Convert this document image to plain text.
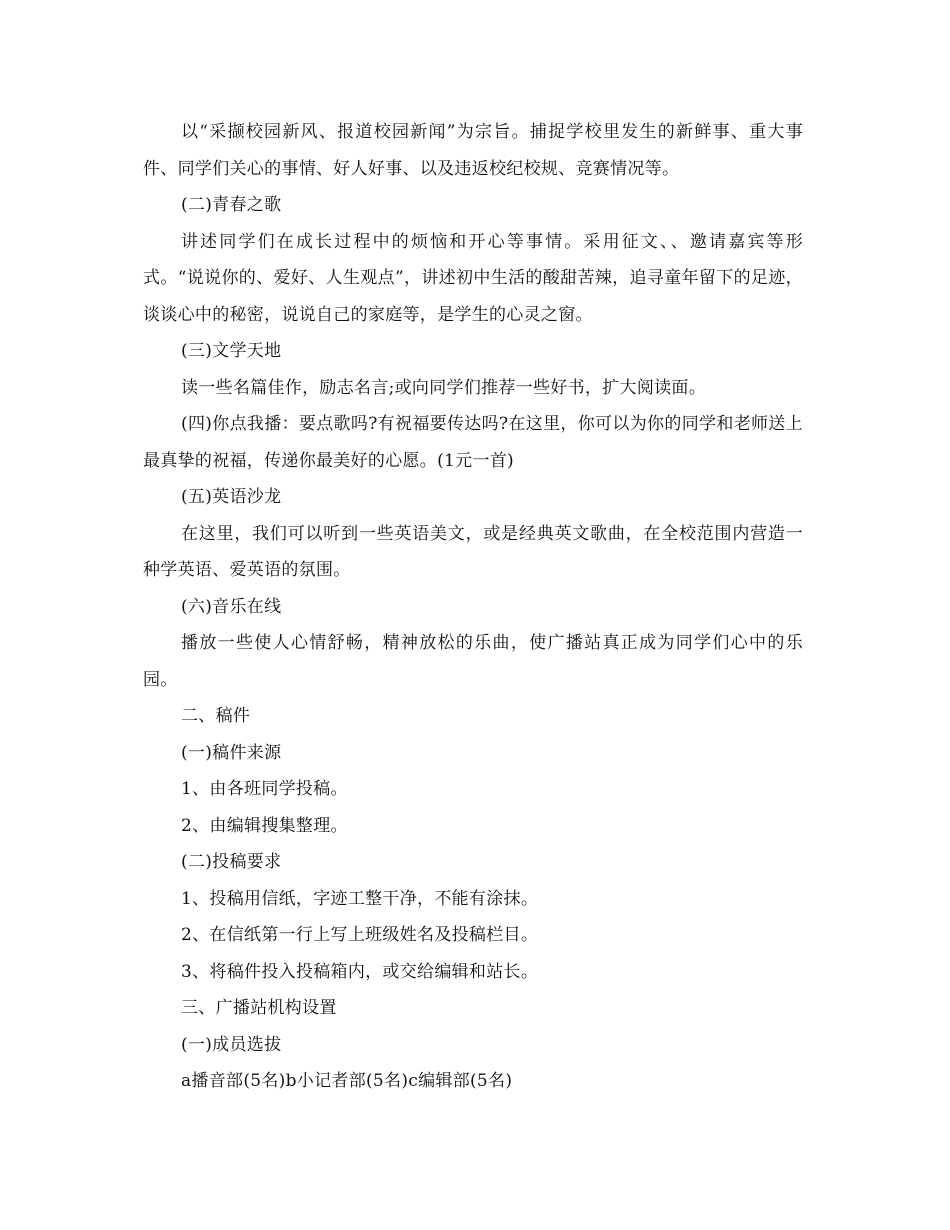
以“采撷校园新风、报道校园新闻”为宗旨。捕捉学校里发生的新鲜事、重大事件、同学们关心的事情、好人好事、以及违返校纪校规、竞赛情况等。

(二)青春之歌

讲述同学们在成长过程中的烦恼和开心等事情。采用征文、、邀请嘉宾等形式。“说说你的、爱好、人生观点”，讲述初中生活的酸甜苦辣，追寻童年留下的足迹，谈谈心中的秘密，说说自己的家庭等，是学生的心灵之窗。

(三)文学天地

读一些名篇佳作，励志名言;或向同学们推荐一些好书，扩大阅读面。

(四)你点我播：要点歌吗?有祝福要传达吗?在这里，你可以为你的同学和老师送上最真挚的祝福，传递你最美好的心愿。(1元一首)

(五)英语沙龙

在这里，我们可以听到一些英语美文，或是经典英文歌曲，在全校范围内营造一种学英语、爱英语的氛围。

(六)音乐在线

播放一些使人心情舒畅，精神放松的乐曲，使广播站真正成为同学们心中的乐园。

二、稿件

(一)稿件来源

1、由各班同学投稿。

2、由编辑搜集整理。

(二)投稿要求

1、投稿用信纸，字迹工整干净，不能有涂抹。

2、在信纸第一行上写上班级姓名及投稿栏目。

3、将稿件投入投稿箱内，或交给编辑和站长。

三、广播站机构设置

(一)成员选拔

a播音部(5名)b小记者部(5名)c编辑部(5名)
